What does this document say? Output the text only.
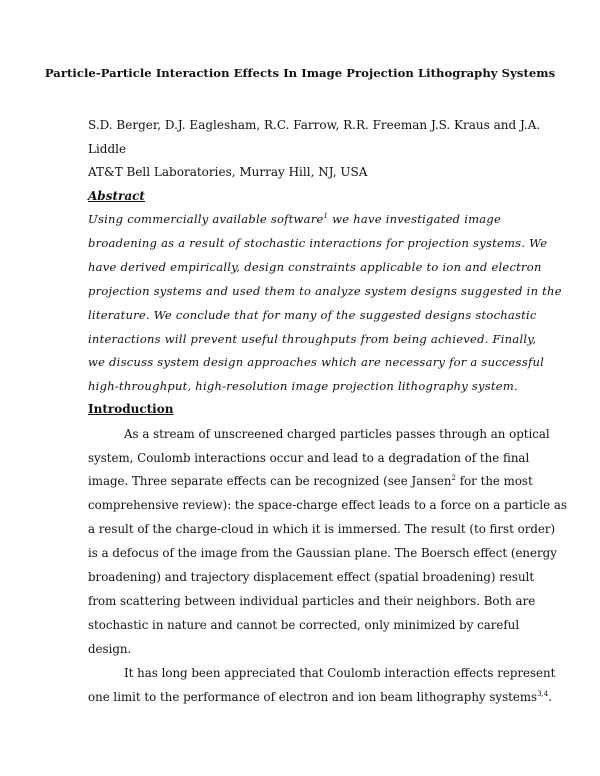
Particle-Particle Interaction Effects In Image Projection Lithography Systems
S.D. Berger, D.J. Eaglesham, R.C. Farrow, R.R. Freeman J.S. Kraus and J.A.
Liddle
AT&T Bell Laboratories, Murray Hill, NJ, USA
Abstract
Using commercially available software$^1$ we have investigated image
broadening as a result of stochastic interactions for projection systems. We
have derived empirically, design constraints applicable to ion and electron
projection systems and used them to analyze system designs suggested in the
literature. We conclude that for many of the suggested designs stochastic
interactions will prevent useful throughputs from being achieved. Finally,
we discuss system design approaches which are necessary for a successful
high-throughput, high-resolution image projection lithography system.
Introduction
As a stream of unscreened charged particles passes through an optical
system, Coulomb interactions occur and lead to a degradation of the final
image. Three separate effects can be recognized (see Jansen$^2$ for the most
comprehensive review): the space-charge effect leads to a force on a particle as
a result of the charge-cloud in which it is immersed. The result (to first order)
is a defocus of the image from the Gaussian plane. The Boersch effect (energy
broadening) and trajectory displacement effect (spatial broadening) result
from scattering between individual particles and their neighbors. Both are
stochastic in nature and cannot be corrected, only minimized by careful
design.
It has long been appreciated that Coulomb interaction effects represent
one limit to the performance of electron and ion beam lithography systems$^{3,4}$.
